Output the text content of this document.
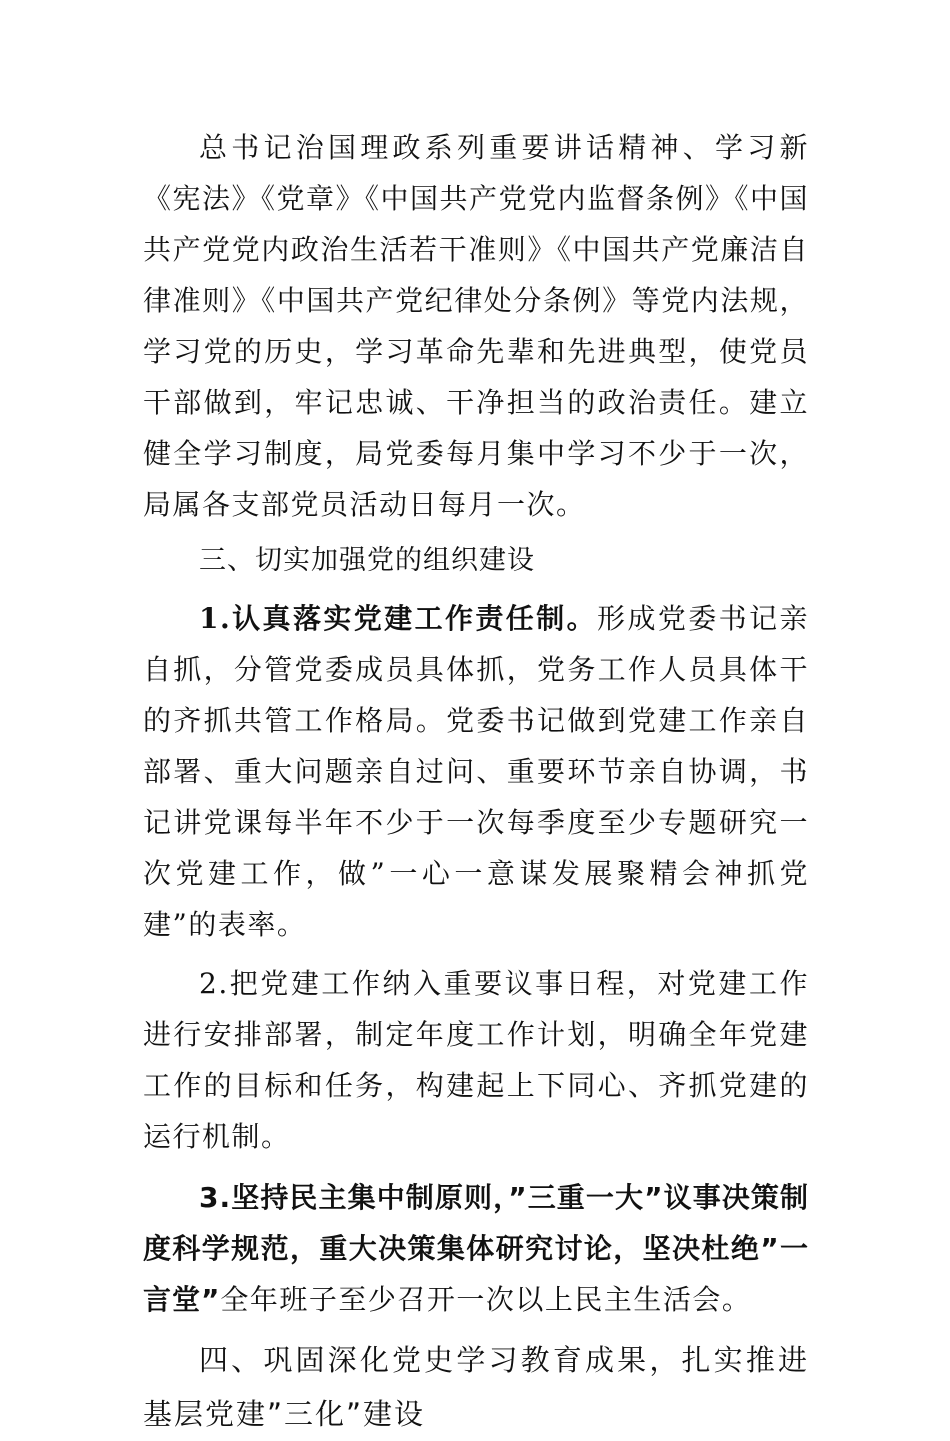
总书记治国理政系列重要讲话精神、学习新《宪法》《党章》《中国共产党党内监督条例》《中国共产党党内政治生活若干准则》《中国共产党廉洁自律准则》《中国共产党纪律处分条例》等党内法规，学习党的历史，学习革命先辈和先进典型，使党员干部做到，牢记忠诚、干净担当的政治责任。建立健全学习制度，局党委每月集中学习不少于一次，局属各支部党员活动日每月一次。

三、切实加强党的组织建设

1.认真落实党建工作责任制。形成党委书记亲自抓，分管党委成员具体抓，党务工作人员具体干的齐抓共管工作格局。党委书记做到党建工作亲自部署、重大问题亲自过问、重要环节亲自协调，书记讲党课每半年不少于一次每季度至少专题研究一次党建工作，做”一心一意谋发展聚精会神抓党建”的表率。

2.把党建工作纳入重要议事日程，对党建工作进行安排部署，制定年度工作计划，明确全年党建工作的目标和任务，构建起上下同心、齐抓党建的运行机制。

3.坚持民主集中制原则，”三重一大”议事决策制度科学规范，重大决策集体研究讨论，坚决杜绝”一言堂”全年班子至少召开一次以上民主生活会。

四、巩固深化党史学习教育成果，扎实推进基层党建”三化”建设
